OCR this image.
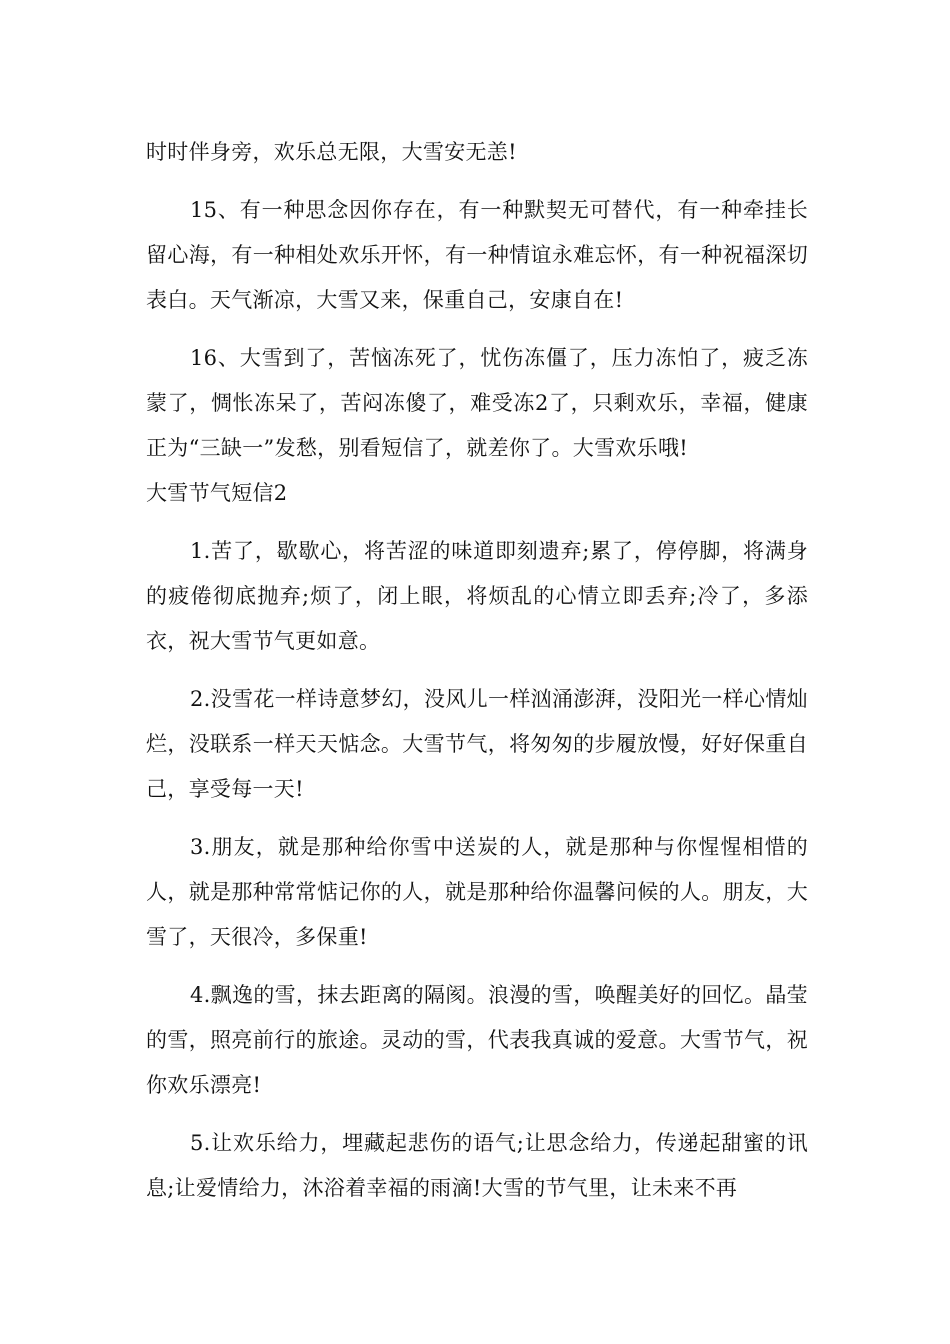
时时伴身旁，欢乐总无限，大雪安无恙!

15、有一种思念因你存在，有一种默契无可替代，有一种牵挂长留心海，有一种相处欢乐开怀，有一种情谊永难忘怀，有一种祝福深切表白。天气渐凉，大雪又来，保重自己，安康自在!

16、大雪到了，苦恼冻死了，忧伤冻僵了，压力冻怕了，疲乏冻蒙了，惆怅冻呆了，苦闷冻傻了，难受冻2了，只剩欢乐，幸福，健康正为“三缺一”发愁，别看短信了，就差你了。大雪欢乐哦!

大雪节气短信2

1.苦了，歇歇心，将苦涩的味道即刻遗弃;累了，停停脚，将满身的疲倦彻底抛弃;烦了，闭上眼，将烦乱的心情立即丢弃;冷了，多添衣，祝大雪节气更如意。

2.没雪花一样诗意梦幻，没风儿一样汹涌澎湃，没阳光一样心情灿烂，没联系一样天天惦念。大雪节气，将匆匆的步履放慢，好好保重自己，享受每一天!

3.朋友，就是那种给你雪中送炭的人，就是那种与你惺惺相惜的人，就是那种常常惦记你的人，就是那种给你温馨问候的人。朋友，大雪了，天很冷，多保重!

4.飘逸的雪，抹去距离的隔阂。浪漫的雪，唤醒美好的回忆。晶莹的雪，照亮前行的旅途。灵动的雪，代表我真诚的爱意。大雪节气，祝你欢乐漂亮!

5.让欢乐给力，埋藏起悲伤的语气;让思念给力，传递起甜蜜的讯息;让爱情给力，沐浴着幸福的雨滴!大雪的节气里，让未来不再
